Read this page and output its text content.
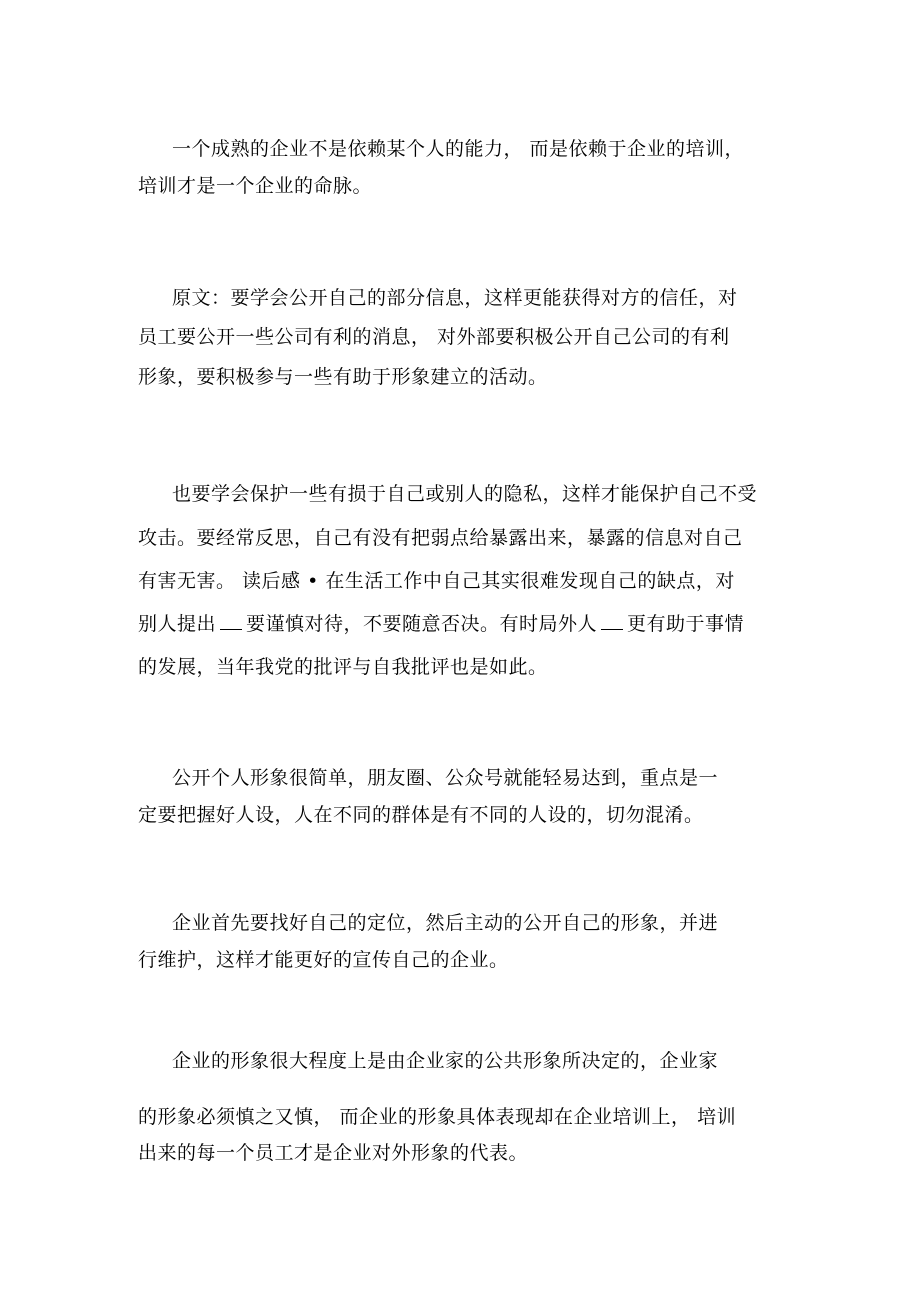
一个成熟的企业不是依赖某个人的能力， 而是依赖于企业的培训，
培训才是一个企业的命脉。
原文：要学会公开自己的部分信息，这样更能获得对方的信任，对
员工要公开一些公司有利的消息， 对外部要积极公开自己公司的有利
形象，要积极参与一些有助于形象建立的活动。
也要学会保护一些有损于自己或别人的隐私，这样才能保护自己不受
攻击。要经常反思，自己有没有把弱点给暴露出来，暴露的信息对自己
有害无害。 读后感 • 在生活工作中自己其实很难发现自己的缺点，对
别人提出 要谨慎对待，不要随意否决。有时局外人 更有助于事情
的发展，当年我党的批评与自我批评也是如此。
公开个人形象很简单，朋友圈、公众号就能轻易达到，重点是一
定要把握好人设，人在不同的群体是有不同的人设的，切勿混淆。
企业首先要找好自己的定位，然后主动的公开自己的形象，并进
行维护，这样才能更好的宣传自己的企业。
企业的形象很大程度上是由企业家的公共形象所决定的，企业家
的形象必须慎之又慎， 而企业的形象具体表现却在企业培训上， 培训
出来的每一个员工才是企业对外形象的代表。
